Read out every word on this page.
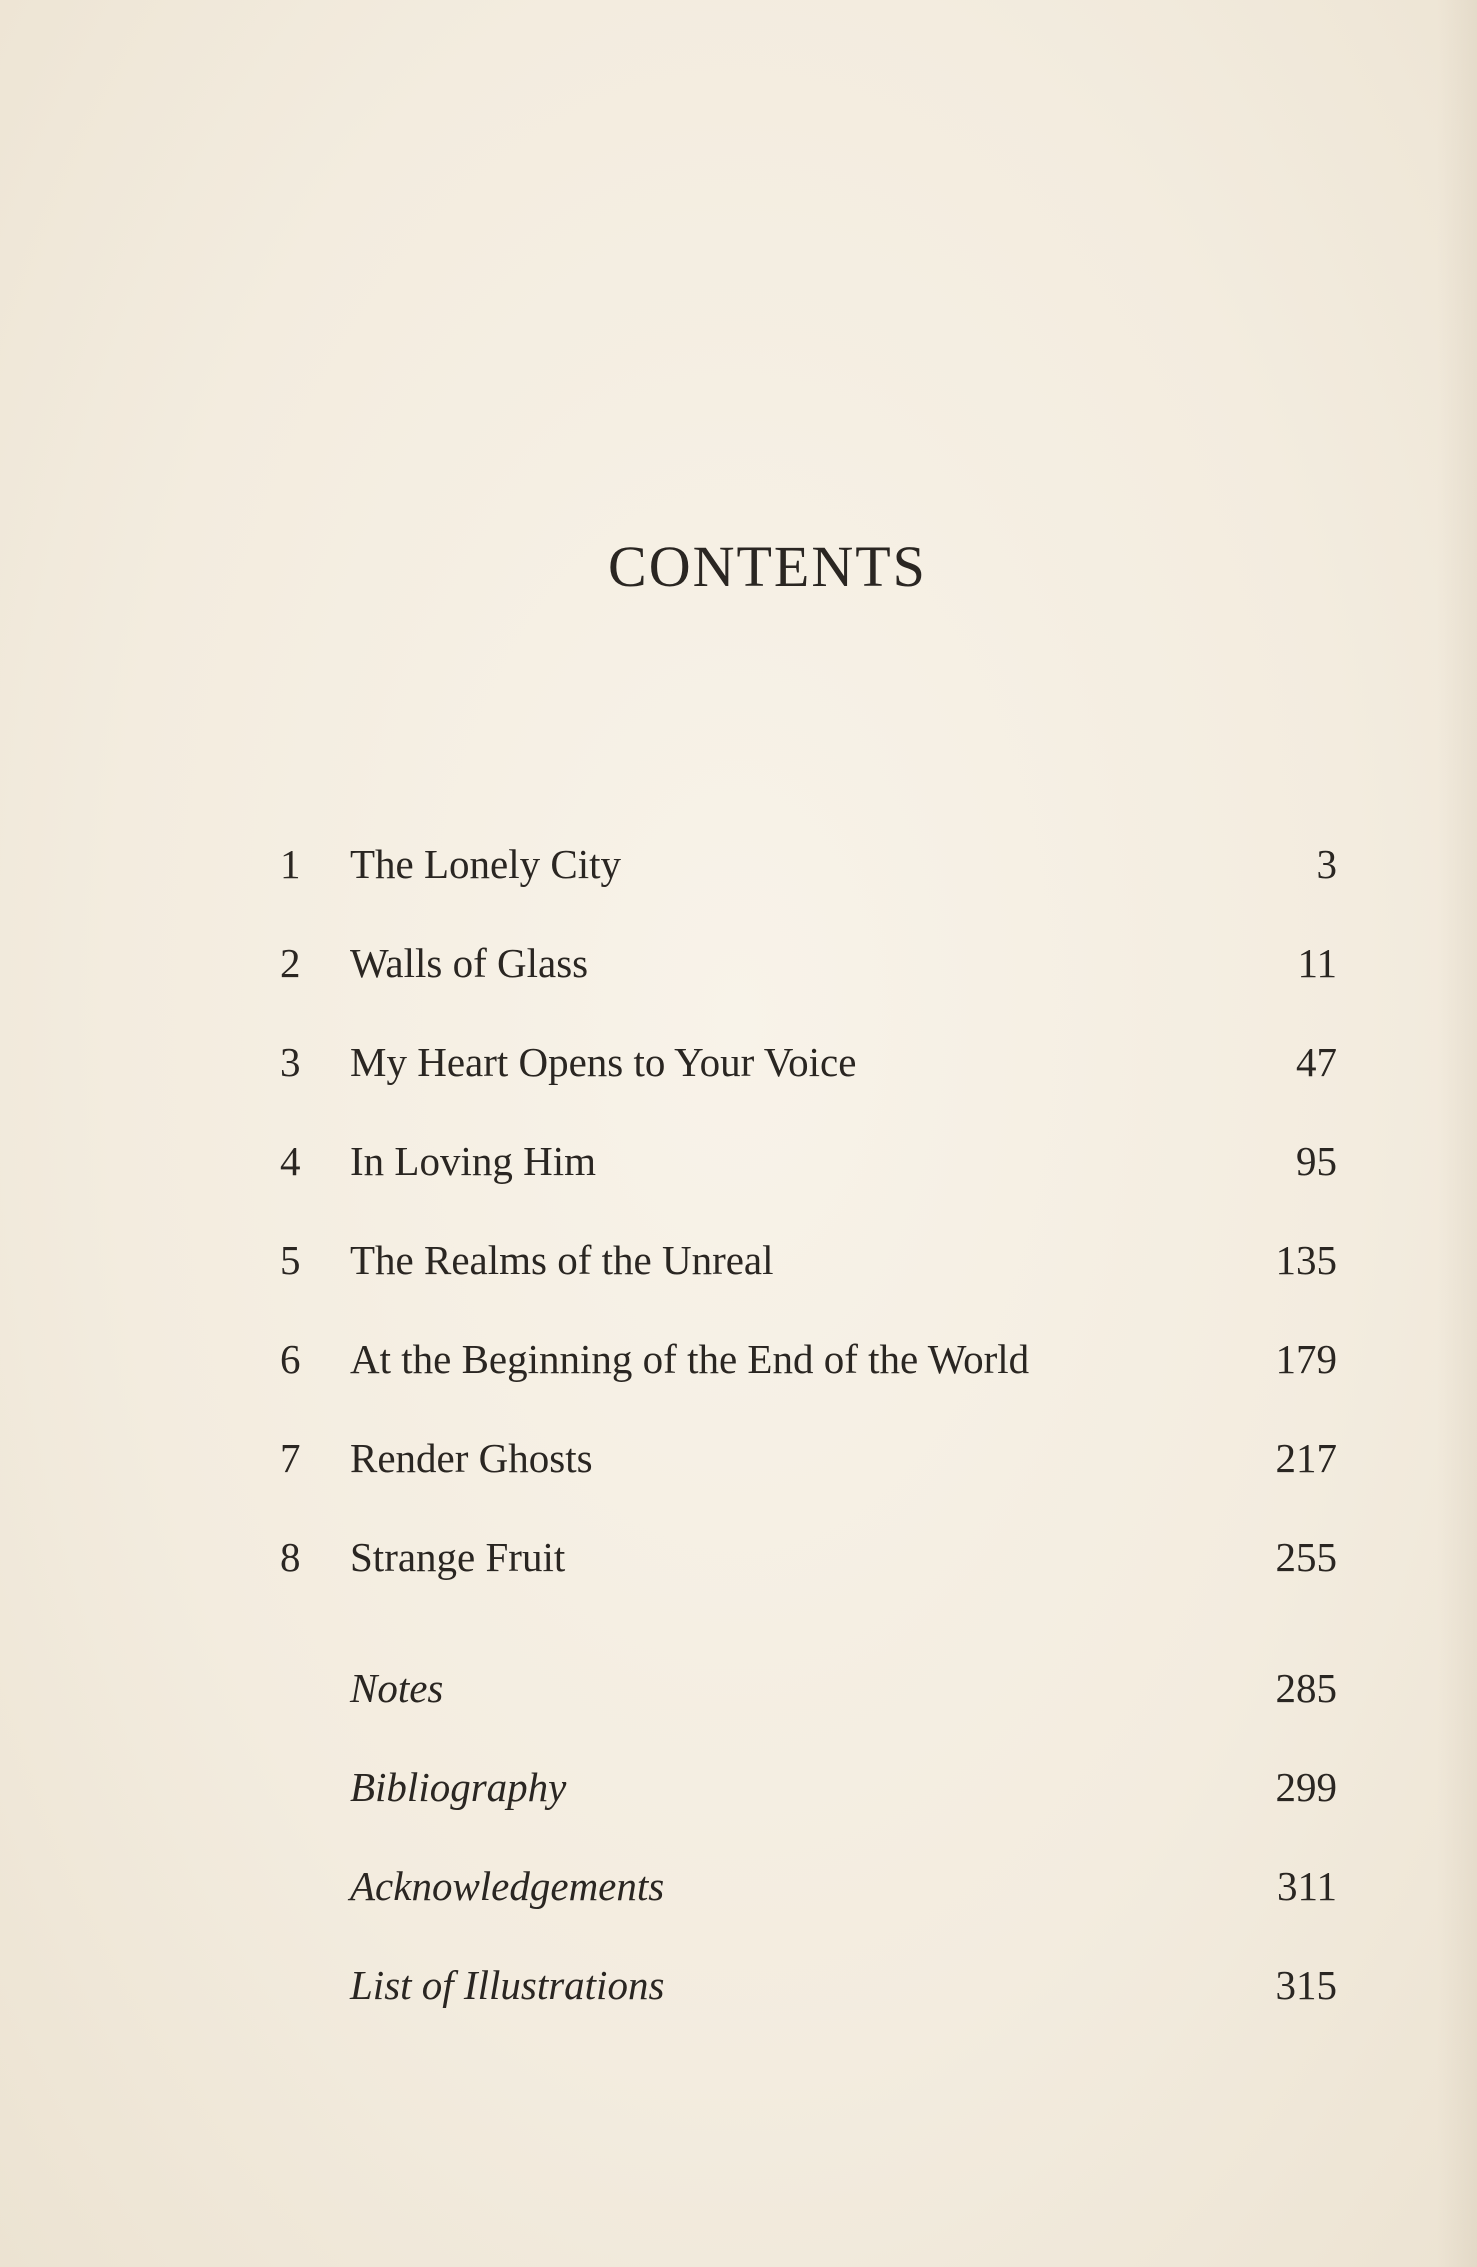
CONTENTS
1	The Lonely City	3
2	Walls of Glass	11
3	My Heart Opens to Your Voice	47
4	In Loving Him	95
5	The Realms of the Unreal	135
6	At the Beginning of the End of the World	179
7	Render Ghosts	217
8	Strange Fruit	255
Notes	285
Bibliography	299
Acknowledgements	311
List of Illustrations	315
